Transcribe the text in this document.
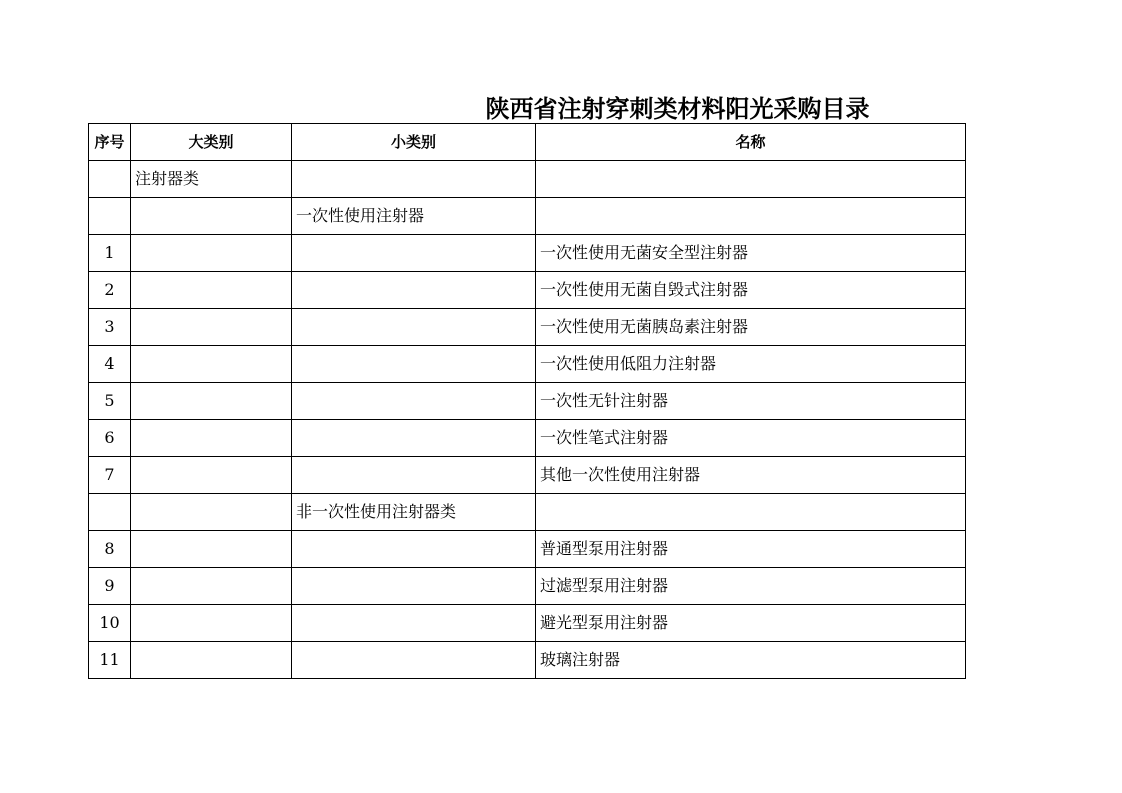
陕西省注射穿刺类材料阳光采购目录
序号	大类别	小类别	名称
	注射器类		
		一次性使用注射器	
1			一次性使用无菌安全型注射器
2			一次性使用无菌自毁式注射器
3			一次性使用无菌胰岛素注射器
4			一次性使用低阻力注射器
5			一次性无针注射器
6			一次性笔式注射器
7			其他一次性使用注射器
		非一次性使用注射器类	
8			普通型泵用注射器
9			过滤型泵用注射器
10			避光型泵用注射器
11			玻璃注射器
